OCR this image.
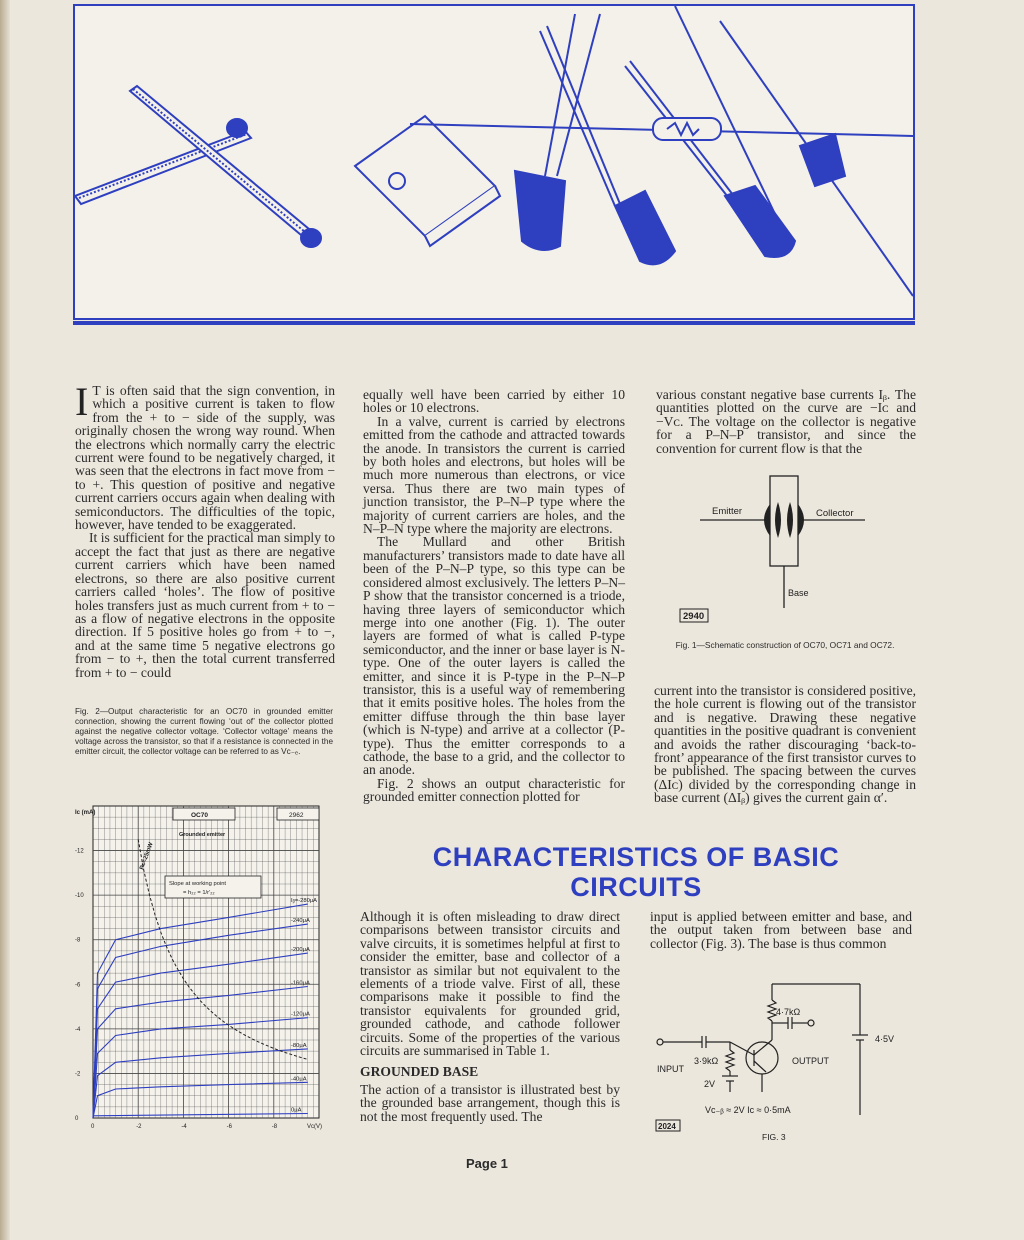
I T is often said that the sign convention, in which a positive current is taken to flow from the + to − side of the supply, was originally chosen the wrong way round. When the electrons which normally carry the electric current were found to be negatively charged, it was seen that the electrons in fact move from − to +. This question of positive and negative current carriers occurs again when dealing with semiconductors. The difficulties of the topic, however, have tended to be exaggerated.

It is sufficient for the practical man simply to accept the fact that just as there are negative current carriers which have been named electrons, so there are also positive current carriers called ‘holes’. The flow of positive holes transfers just as much current from + to − as a flow of negative electrons in the opposite direction. If 5 positive holes go from + to −, and at the same time 5 negative electrons go from − to +, then the total current transferred from + to − could

Fig. 2—Output characteristic for an OC70 in grounded emitter connection, showing the current flowing ‘out of’ the collector plotted against the negative collector voltage. ‘Collector voltage’ means the voltage across the transistor, so that if a resistance is connected in the emitter circuit, the collector voltage can be referred to as Vᴄ₋ₑ.
Iᵦ=-280μA
-240μA
-200μA
-160μA
-120μA
-80μA
-40μA
0μA
0	-2	-4	-6	-8	Vᴄ(V)
-12
-10
-8
-6
-4
-2
0
Iᴄ (mA)	OC70
Grounded emitter
2962
Pc=25mW
Slope at working point
= h₂₂ = 1/r′₂₂

equally well have been carried by either 10 holes or 10 electrons.

In a valve, current is carried by electrons emitted from the cathode and attracted towards the anode. In transistors the current is carried by both holes and electrons, but holes will be much more numerous than electrons, or vice versa. Thus there are two main types of junction transistor, the P–N–P type where the majority of current carriers are holes, and the N–P–N type where the majority are electrons.

The Mullard and other British manufacturers’ transistors made to date have all been of the P–N–P type, so this type can be considered almost exclusively. The letters P–N–P show that the transistor concerned is a triode, having three layers of semiconductor which merge into one another (Fig. 1). The outer layers are formed of what is called P-type semiconductor, and the inner or base layer is N-type. One of the outer layers is called the emitter, and since it is P-type in the P–N–P transistor, this is a useful way of remembering that it emits positive holes. The holes from the emitter diffuse through the thin base layer (which is N-type) and arrive at a collector (P-type). Thus the emitter corresponds to a cathode, the base to a grid, and the collector to an anode.

Fig. 2 shows an output characteristic for grounded emitter connection plotted for

various constant negative base currents Iᵦ. The quantities plotted on the curve are −Iᴄ and −Vᴄ. The voltage on the collector is negative for a P–N–P transistor, and since the convention for current flow is that the

Emitter	Collector
Base
2940
Fig. 1—Schematic construction of OC70, OC71 and OC72.

current into the transistor is considered positive, the hole current is flowing out of the transistor and is negative. Drawing these negative quantities in the positive quadrant is convenient and avoids the rather discouraging ‘back-to-front’ appearance of the first transistor curves to be published. The spacing between the curves (ΔIᴄ) divided by the corresponding change in base current (ΔIᵦ) gives the current gain α′.

CHARACTERISTICS OF BASIC
CIRCUITS

Although it is often misleading to draw direct comparisons between transistor circuits and valve circuits, it is sometimes helpful at first to consider the emitter, base and collector of a transistor as similar but not equivalent to the elements of a triode valve. First of all, these comparisons make it possible to find the transistor equivalents for grounded grid, grounded cathode, and cathode follower circuits. Some of the properties of the various circuits are summarised in Table 1.

GROUNDED BASE

The action of a transistor is illustrated best by the grounded base arrangement, though this is not the most frequently used. The

input is applied between emitter and base, and the output taken from between base and collector (Fig. 3). The base is thus common

4·7kΩ
3·9kΩ
INPUT
OUTPUT
4·5V
2V
Vᴄ₋ᵦ ≈ 2V Iᴄ ≈ 0·5mA
2024
FIG. 3
Page 1
